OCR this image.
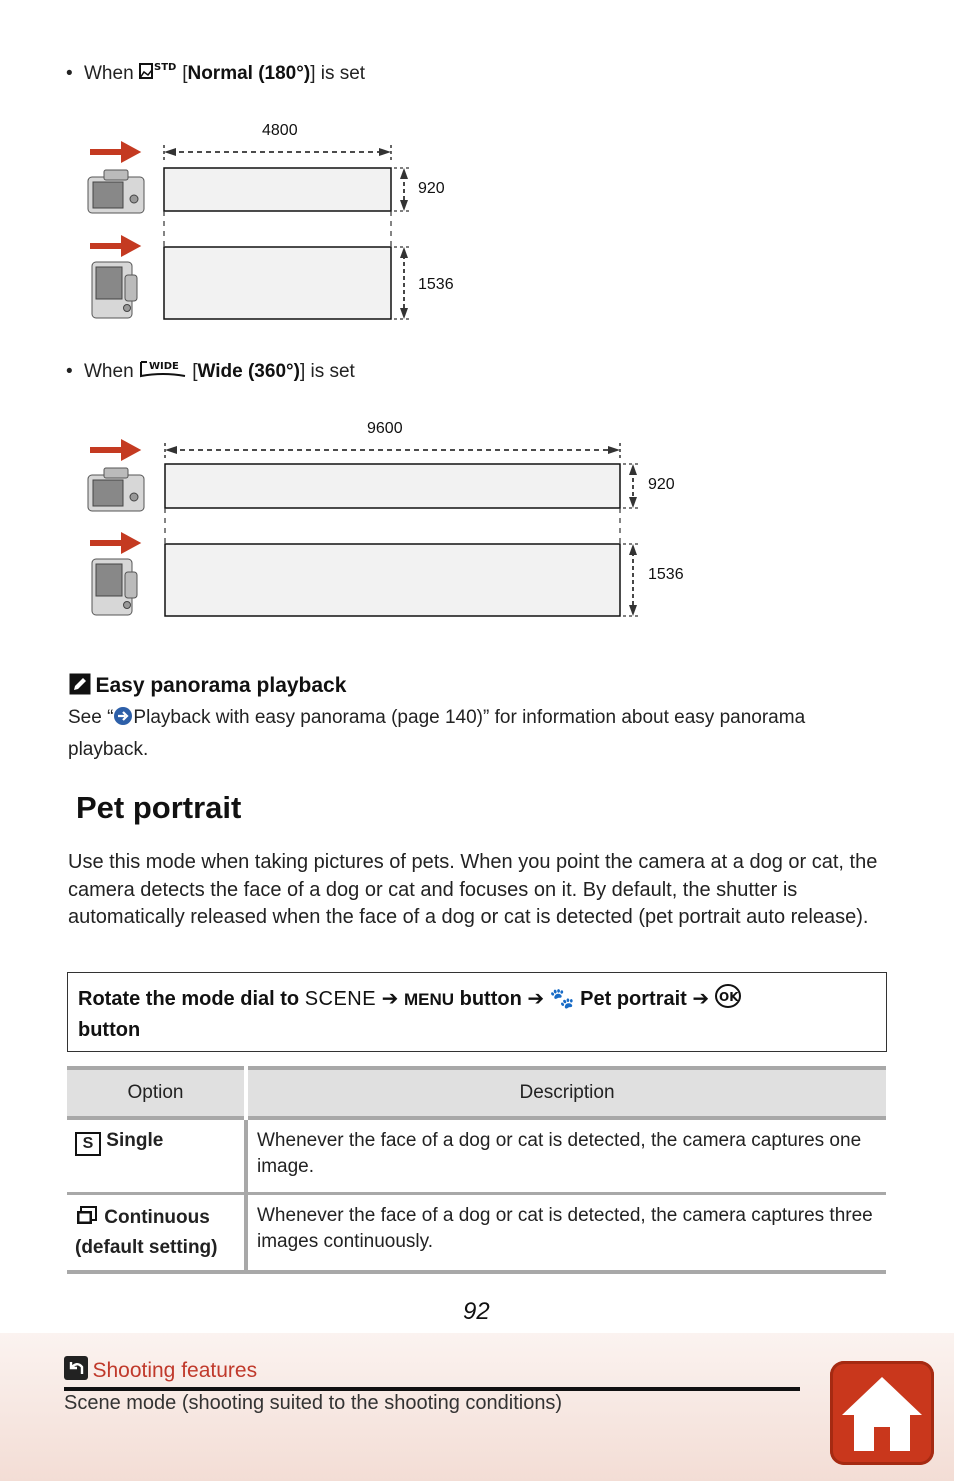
• When STD [Normal (180°)] is set
4800
920
1536
• When WIDE [Wide (360°)] is set
9600
920
1536
Easy panorama playback
See “ Playback with easy panorama (page 140)” for information about easy panorama playback.
Pet portrait
Use this mode when taking pictures of pets. When you point the camera at a dog or cat, the camera detects the face of a dog or cat and focuses on it. By default, the shutter is automatically released when the face of a dog or cat is detected (pet portrait auto release).
Rotate the mode dial to SCENE ➔ MENU button ➔ 🐾 Pet portrait ➔ OK

button
Option	Description
S Single	Whenever the face of a dog or cat is detected, the camera captures one image.
Continuous
(default setting)	Whenever the face of a dog or cat is detected, the camera captures three images continuously.
92
Shooting features
Scene mode (shooting suited to the shooting conditions)
